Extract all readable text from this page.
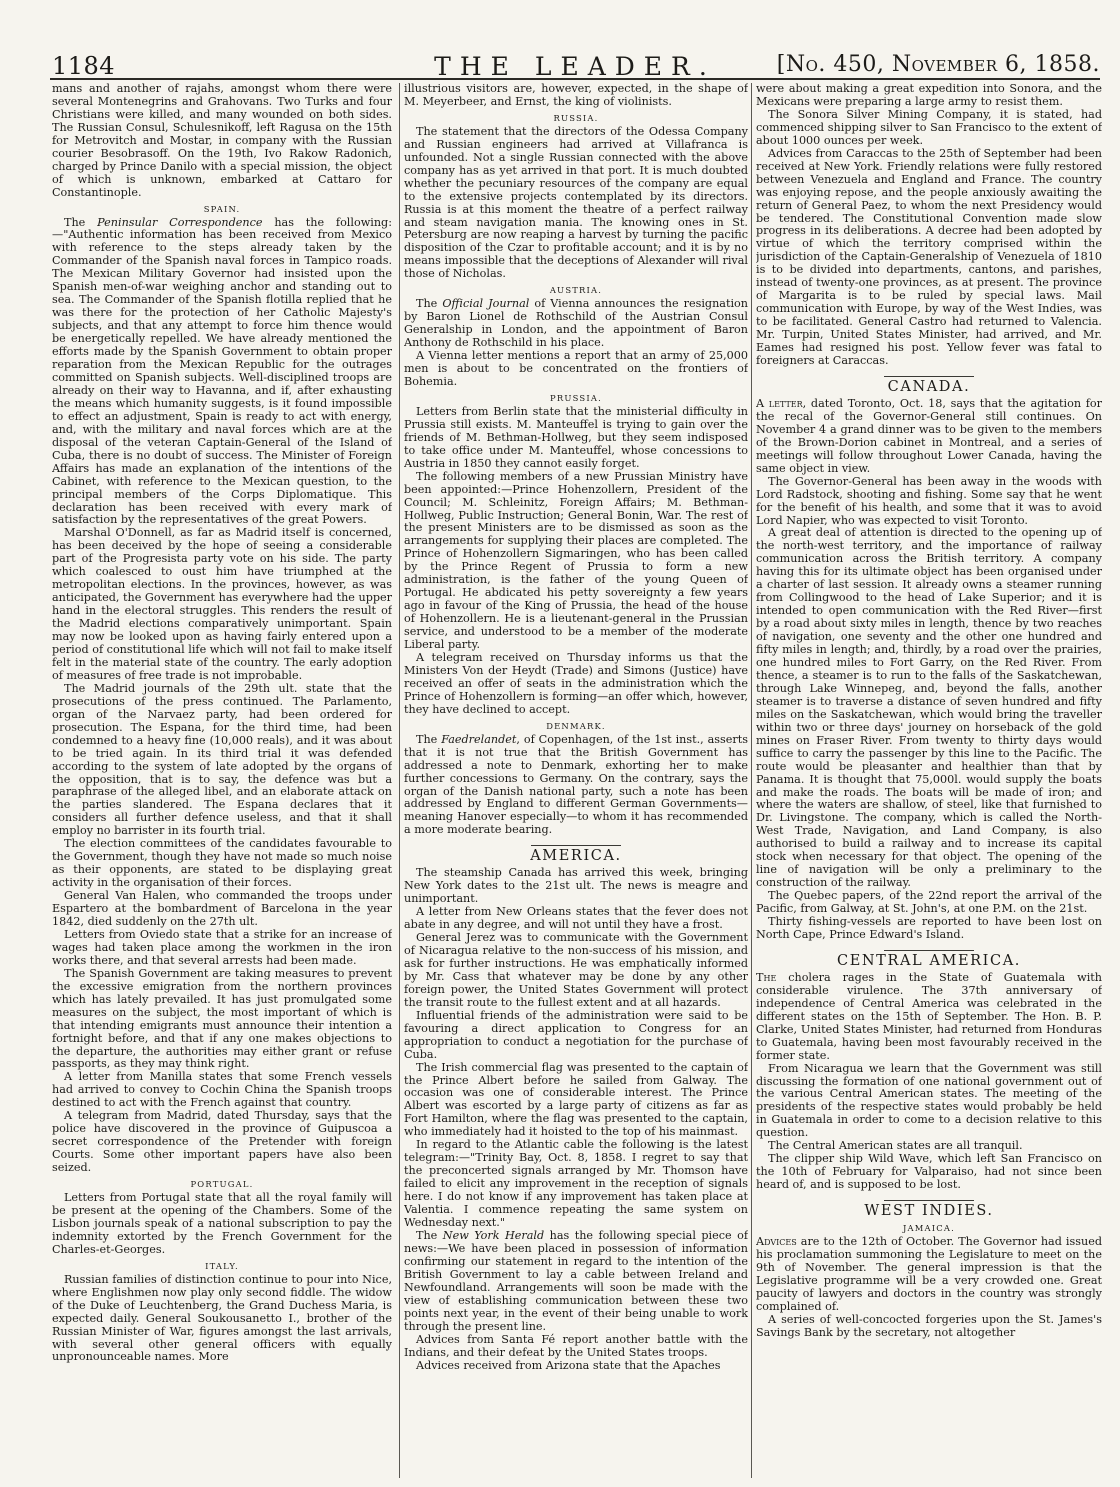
1184	THE LEADER.	[No. 450, November 6, 1858.

mans and another of rajahs, amongst whom there were several Montenegrins and Grahovans. Two Turks and four Christians were killed, and many wounded on both sides. The Russian Consul, Schulesnikoff, left Ragusa on the 15th for Metrovitch and Mostar, in company with the Russian courier Besobrasoff. On the 19th, Ivo Rakow Radonich, charged by Prince Danilo with a special mission, the object of which is unknown, embarked at Cattaro for Constantinople.

SPAIN.

The Peninsular Correspondence has the following:—"Authentic information has been received from Mexico with reference to the steps already taken by the Commander of the Spanish naval forces in Tampico roads. The Mexican Military Governor had insisted upon the Spanish men-of-war weighing anchor and standing out to sea. The Commander of the Spanish flotilla replied that he was there for the protection of her Catholic Majesty's subjects, and that any attempt to force him thence would be energetically repelled. We have already mentioned the efforts made by the Spanish Government to obtain proper reparation from the Mexican Republic for the outrages committed on Spanish subjects. Well-disciplined troops are already on their way to Havanna, and if, after exhausting the means which humanity suggests, is it found impossible to effect an adjustment, Spain is ready to act with energy, and, with the military and naval forces which are at the disposal of the veteran Captain-General of the Island of Cuba, there is no doubt of success. The Minister of Foreign Affairs has made an explanation of the intentions of the Cabinet, with reference to the Mexican question, to the principal members of the Corps Diplomatique. This declaration has been received with every mark of satisfaction by the representatives of the great Powers.

Marshal O'Donnell, as far as Madrid itself is concerned, has been deceived by the hope of seeing a considerable part of the Progresista party vote on his side. The party which coalesced to oust him have triumphed at the metropolitan elections. In the provinces, however, as was anticipated, the Government has everywhere had the upper hand in the electoral struggles. This renders the result of the Madrid elections comparatively unimportant. Spain may now be looked upon as having fairly entered upon a period of constitutional life which will not fail to make itself felt in the material state of the country. The early adoption of measures of free trade is not improbable.

The Madrid journals of the 29th ult. state that the prosecutions of the press continued. The Parlamento, organ of the Narvaez party, had been ordered for prosecution. The Espana, for the third time, had been condemned to a heavy fine (10,000 reals), and it was about to be tried again. In its third trial it was defended according to the system of late adopted by the organs of the opposition, that is to say, the defence was but a paraphrase of the alleged libel, and an elaborate attack on the parties slandered. The Espana declares that it considers all further defence useless, and that it shall employ no barrister in its fourth trial.

The election committees of the candidates favourable to the Government, though they have not made so much noise as their opponents, are stated to be displaying great activity in the organisation of their forces.

General Van Halen, who commanded the troops under Espartero at the bombardment of Barcelona in the year 1842, died suddenly on the 27th ult.

Letters from Oviedo state that a strike for an increase of wages had taken place among the workmen in the iron works there, and that several arrests had been made.

The Spanish Government are taking measures to prevent the excessive emigration from the northern provinces which has lately prevailed. It has just promulgated some measures on the subject, the most important of which is that intending emigrants must announce their intention a fortnight before, and that if any one makes objections to the departure, the authorities may either grant or refuse passports, as they may think right.

A letter from Manilla states that some French vessels had arrived to convey to Cochin China the Spanish troops destined to act with the French against that country.

A telegram from Madrid, dated Thursday, says that the police have discovered in the province of Guipuscoa a secret correspondence of the Pretender with foreign Courts. Some other important papers have also been seized.

PORTUGAL.

Letters from Portugal state that all the royal family will be present at the opening of the Chambers. Some of the Lisbon journals speak of a national subscription to pay the indemnity extorted by the French Government for the Charles-et-Georges.

ITALY.

Russian families of distinction continue to pour into Nice, where Englishmen now play only second fiddle. The widow of the Duke of Leuchtenberg, the Grand Duchess Maria, is expected daily. General Soukousanetto I., brother of the Russian Minister of War, figures amongst the last arrivals, with several other general officers with equally unpronounceable names. More

illustrious visitors are, however, expected, in the shape of M. Meyerbeer, and Ernst, the king of violinists.

RUSSIA.

The statement that the directors of the Odessa Company and Russian engineers had arrived at Villafranca is unfounded. Not a single Russian connected with the above company has as yet arrived in that port. It is much doubted whether the pecuniary resources of the company are equal to the extensive projects contemplated by its directors. Russia is at this moment the theatre of a perfect railway and steam navigation mania. The knowing ones in St. Petersburg are now reaping a harvest by turning the pacific disposition of the Czar to profitable account; and it is by no means impossible that the deceptions of Alexander will rival those of Nicholas.

AUSTRIA.

The Official Journal of Vienna announces the resignation by Baron Lionel de Rothschild of the Austrian Consul Generalship in London, and the appointment of Baron Anthony de Rothschild in his place.

A Vienna letter mentions a report that an army of 25,000 men is about to be concentrated on the frontiers of Bohemia.

PRUSSIA.

Letters from Berlin state that the ministerial difficulty in Prussia still exists. M. Manteuffel is trying to gain over the friends of M. Bethman-Hollweg, but they seem indisposed to take office under M. Manteuffel, whose concessions to Austria in 1850 they cannot easily forget.

The following members of a new Prussian Ministry have been appointed:—Prince Hohenzollern, President of the Council; M. Schleinitz, Foreign Affairs; M. Bethman-Hollweg, Public Instruction; General Bonin, War. The rest of the present Ministers are to be dismissed as soon as the arrangements for supplying their places are completed. The Prince of Hohenzollern Sigmaringen, who has been called by the Prince Regent of Prussia to form a new administration, is the father of the young Queen of Portugal. He abdicated his petty sovereignty a few years ago in favour of the King of Prussia, the head of the house of Hohenzollern. He is a lieutenant-general in the Prussian service, and understood to be a member of the moderate Liberal party.

A telegram received on Thursday informs us that the Ministers Von der Heydt (Trade) and Simons (Justice) have received an offer of seats in the administration which the Prince of Hohenzollern is forming—an offer which, however, they have declined to accept.

DENMARK.

The Faedrelandet, of Copenhagen, of the 1st inst., asserts that it is not true that the British Government has addressed a note to Denmark, exhorting her to make further concessions to Germany. On the contrary, says the organ of the Danish national party, such a note has been addressed by England to different German Governments—meaning Hanover especially—to whom it has recommended a more moderate bearing.

AMERICA.

The steamship Canada has arrived this week, bringing New York dates to the 21st ult. The news is meagre and unimportant.

A letter from New Orleans states that the fever does not abate in any degree, and will not until they have a frost.

General Jerez was to communicate with the Government of Nicaragua relative to the non-success of his mission, and ask for further instructions. He was emphatically informed by Mr. Cass that whatever may be done by any other foreign power, the United States Government will protect the transit route to the fullest extent and at all hazards.

Influential friends of the administration were said to be favouring a direct application to Congress for an appropriation to conduct a negotiation for the purchase of Cuba.

The Irish commercial flag was presented to the captain of the Prince Albert before he sailed from Galway. The occasion was one of considerable interest. The Prince Albert was escorted by a large party of citizens as far as Fort Hamilton, where the flag was presented to the captain, who immediately had it hoisted to the top of his mainmast.

In regard to the Atlantic cable the following is the latest telegram:—"Trinity Bay, Oct. 8, 1858. I regret to say that the preconcerted signals arranged by Mr. Thomson have failed to elicit any improvement in the reception of signals here. I do not know if any improvement has taken place at Valentia. I commence repeating the same system on Wednesday next."

The New York Herald has the following special piece of news:—We have been placed in possession of information confirming our statement in regard to the intention of the British Government to lay a cable between Ireland and Newfoundland. Arrangements will soon be made with the view of establishing communication between these two points next year, in the event of their being unable to work through the present line.

Advices from Santa Fé report another battle with the Indians, and their defeat by the United States troops.

Advices received from Arizona state that the Apaches

were about making a great expedition into Sonora, and the Mexicans were preparing a large army to resist them.

The Sonora Silver Mining Company, it is stated, had commenced shipping silver to San Francisco to the extent of about 1000 ounces per week.

Advices from Caraccas to the 25th of September had been received at New York. Friendly relations were fully restored between Venezuela and England and France. The country was enjoying repose, and the people anxiously awaiting the return of General Paez, to whom the next Presidency would be tendered. The Constitutional Convention made slow progress in its deliberations. A decree had been adopted by virtue of which the territory comprised within the jurisdiction of the Captain-Generalship of Venezuela of 1810 is to be divided into departments, cantons, and parishes, instead of twenty-one provinces, as at present. The province of Margarita is to be ruled by special laws. Mail communication with Europe, by way of the West Indies, was to be facilitated. General Castro had returned to Valencia. Mr. Turpin, United States Minister, had arrived, and Mr. Eames had resigned his post. Yellow fever was fatal to foreigners at Caraccas.

CANADA.

A letter, dated Toronto, Oct. 18, says that the agitation for the recal of the Governor-General still continues. On November 4 a grand dinner was to be given to the members of the Brown-Dorion cabinet in Montreal, and a series of meetings will follow throughout Lower Canada, having the same object in view.

The Governor-General has been away in the woods with Lord Radstock, shooting and fishing. Some say that he went for the benefit of his health, and some that it was to avoid Lord Napier, who was expected to visit Toronto.

A great deal of attention is directed to the opening up of the north-west territory, and the importance of railway communication across the British territory. A company having this for its ultimate object has been organised under a charter of last session. It already owns a steamer running from Collingwood to the head of Lake Superior; and it is intended to open communication with the Red River—first by a road about sixty miles in length, thence by two reaches of navigation, one seventy and the other one hundred and fifty miles in length; and, thirdly, by a road over the prairies, one hundred miles to Fort Garry, on the Red River. From thence, a steamer is to run to the falls of the Saskatchewan, through Lake Winnepeg, and, beyond the falls, another steamer is to traverse a distance of seven hundred and fifty miles on the Saskatchewan, which would bring the traveller within two or three days' journey on horseback of the gold mines on Fraser River. From twenty to thirty days would suffice to carry the passenger by this line to the Pacific. The route would be pleasanter and healthier than that by Panama. It is thought that 75,000l. would supply the boats and make the roads. The boats will be made of iron; and where the waters are shallow, of steel, like that furnished to Dr. Livingstone. The company, which is called the North-West Trade, Navigation, and Land Company, is also authorised to build a railway and to increase its capital stock when necessary for that object. The opening of the line of navigation will be only a preliminary to the construction of the railway.

The Quebec papers, of the 22nd report the arrival of the Pacific, from Galway, at St. John's, at one P.M. on the 21st.

Thirty fishing-vessels are reported to have been lost on North Cape, Prince Edward's Island.

CENTRAL AMERICA.

The cholera rages in the State of Guatemala with considerable virulence. The 37th anniversary of independence of Central America was celebrated in the different states on the 15th of September. The Hon. B. P. Clarke, United States Minister, had returned from Honduras to Guatemala, having been most favourably received in the former state.

From Nicaragua we learn that the Government was still discussing the formation of one national government out of the various Central American states. The meeting of the presidents of the respective states would probably be held in Guatemala in order to come to a decision relative to this question.

The Central American states are all tranquil.

The clipper ship Wild Wave, which left San Francisco on the 10th of February for Valparaiso, had not since been heard of, and is supposed to be lost.

WEST INDIES.
JAMAICA.

Advices are to the 12th of October. The Governor had issued his proclamation summoning the Legislature to meet on the 9th of November. The general impression is that the Legislative programme will be a very crowded one. Great paucity of lawyers and doctors in the country was strongly complained of.

A series of well-concocted forgeries upon the St. James's Savings Bank by the secretary, not altogether
